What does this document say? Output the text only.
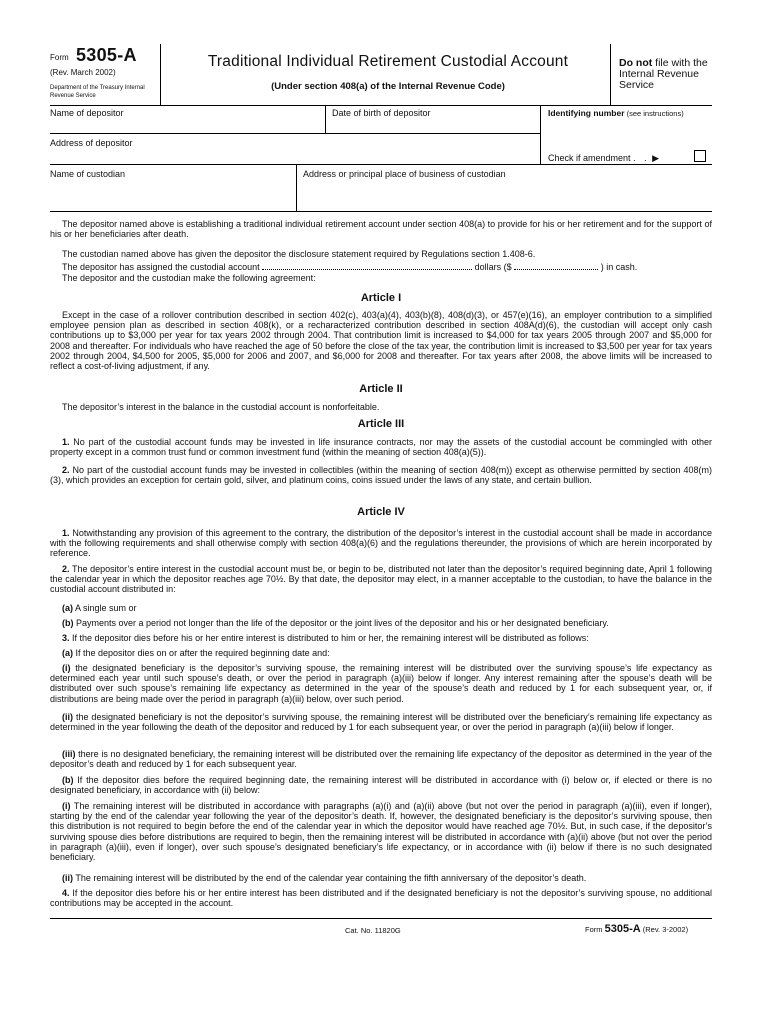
Form 5305-A
(Rev. March 2002)
Department of the Treasury Internal Revenue Service
Traditional Individual Retirement Custodial Account
(Under section 408(a) of the Internal Revenue Code)
Do not file with the Internal Revenue Service
Name of depositor	Date of birth of depositor	Identifying number (see instructions)
Address of depositor
Check if amendment . . ▶
Name of custodian	Address or principal place of business of custodian
The depositor named above is establishing a traditional individual retirement account under section 408(a) to provide for his or her retirement and for the support of his or her beneficiaries after death.
The custodian named above has given the depositor the disclosure statement required by Regulations section 1.408-6.
The depositor has assigned the custodial account	dollars ($	) in cash.
The depositor and the custodian make the following agreement:
Article I
Except in the case of a rollover contribution described in section 402(c), 403(a)(4), 403(b)(8), 408(d)(3), or 457(e)(16), an employer contribution to a simplified employee pension plan as described in section 408(k), or a recharacterized contribution described in section 408A(d)(6), the custodian will accept only cash contributions up to $3,000 per year for tax years 2002 through 2004. That contribution limit is increased to $4,000 for tax years 2005 through 2007 and $5,000 for 2008 and thereafter. For individuals who have reached the age of 50 before the close of the tax year, the contribution limit is increased to $3,500 per year for tax years 2002 through 2004, $4,500 for 2005, $5,000 for 2006 and 2007, and $6,000 for 2008 and thereafter. For tax years after 2008, the above limits will be increased to reflect a cost-of-living adjustment, if any.
Article II
The depositor’s interest in the balance in the custodial account is nonforfeitable.
Article III
1. No part of the custodial account funds may be invested in life insurance contracts, nor may the assets of the custodial account be commingled with other property except in a common trust fund or common investment fund (within the meaning of section 408(a)(5)).
2. No part of the custodial account funds may be invested in collectibles (within the meaning of section 408(m)) except as otherwise permitted by section 408(m)(3), which provides an exception for certain gold, silver, and platinum coins, coins issued under the laws of any state, and certain bullion.
Article IV
1. Notwithstanding any provision of this agreement to the contrary, the distribution of the depositor’s interest in the custodial account shall be made in accordance with the following requirements and shall otherwise comply with section 408(a)(6) and the regulations thereunder, the provisions of which are herein incorporated by reference.
2. The depositor’s entire interest in the custodial account must be, or begin to be, distributed not later than the depositor’s required beginning date, April 1 following the calendar year in which the depositor reaches age 70½. By that date, the depositor may elect, in a manner acceptable to the custodian, to have the balance in the custodial account distributed in:
(a) A single sum or
(b) Payments over a period not longer than the life of the depositor or the joint lives of the depositor and his or her designated beneficiary.
3. If the depositor dies before his or her entire interest is distributed to him or her, the remaining interest will be distributed as follows:
(a) If the depositor dies on or after the required beginning date and:
(i) the designated beneficiary is the depositor’s surviving spouse, the remaining interest will be distributed over the surviving spouse’s life expectancy as determined each year until such spouse’s death, or over the period in paragraph (a)(iii) below if longer. Any interest remaining after the spouse’s death will be distributed over such spouse’s remaining life expectancy as determined in the year of the spouse’s death and reduced by 1 for each subsequent year, or, if distributions are being made over the period in paragraph (a)(iii) below, over such period.
(ii) the designated beneficiary is not the depositor’s surviving spouse, the remaining interest will be distributed over the beneficiary’s remaining life expectancy as determined in the year following the death of the depositor and reduced by 1 for each subsequent year, or over the period in paragraph (a)(iii) below if longer.
(iii) there is no designated beneficiary, the remaining interest will be distributed over the remaining life expectancy of the depositor as determined in the year of the depositor’s death and reduced by 1 for each subsequent year.
(b) If the depositor dies before the required beginning date, the remaining interest will be distributed in accordance with (i) below or, if elected or there is no designated beneficiary, in accordance with (ii) below:
(i) The remaining interest will be distributed in accordance with paragraphs (a)(i) and (a)(ii) above (but not over the period in paragraph (a)(iii), even if longer), starting by the end of the calendar year following the year of the depositor’s death. If, however, the designated beneficiary is the depositor’s surviving spouse, then this distribution is not required to begin before the end of the calendar year in which the depositor would have reached age 70½. But, in such case, if the depositor’s surviving spouse dies before distributions are required to begin, then the remaining interest will be distributed in accordance with (a)(ii) above (but not over the period in paragraph (a)(iii), even if longer), over such spouse’s designated beneficiary’s life expectancy, or in accordance with (ii) below if there is no such designated beneficiary.
(ii) The remaining interest will be distributed by the end of the calendar year containing the fifth anniversary of the depositor’s death.
4. If the depositor dies before his or her entire interest has been distributed and if the designated beneficiary is not the depositor’s surviving spouse, no additional contributions may be accepted in the account.
Cat. No. 11820G	Form 5305-A (Rev. 3-2002)
